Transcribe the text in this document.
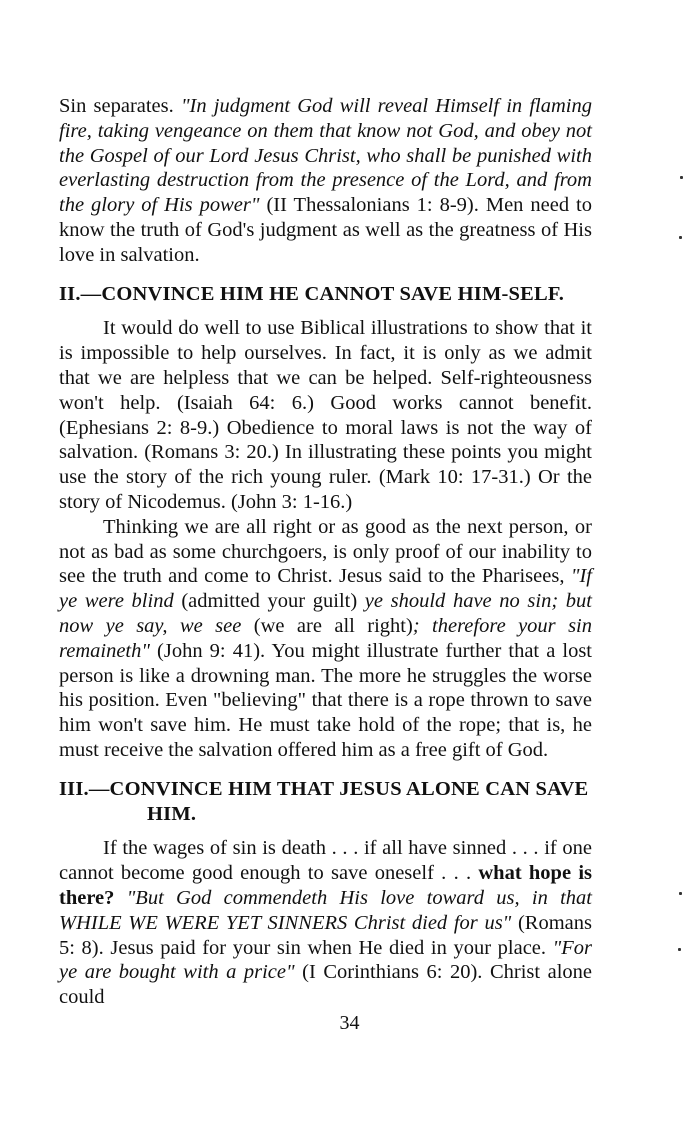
Sin separates. "In judgment God will reveal Himself in flaming fire, taking vengeance on them that know not God, and obey not the Gospel of our Lord Jesus Christ, who shall be punished with everlasting destruction from the presence of the Lord, and from the glory of His power" (II Thessalonians 1: 8-9). Men need to know the truth of God's judgment as well as the greatness of His love in salvation.

II.—CONVINCE HIM HE CANNOT SAVE HIM-SELF.

It would do well to use Biblical illustrations to show that it is impossible to help ourselves. In fact, it is only as we admit that we are helpless that we can be helped. Self-righteousness won't help. (Isaiah 64: 6.) Good works cannot benefit. (Ephesians 2: 8-9.) Obedience to moral laws is not the way of salvation. (Romans 3: 20.) In illustrating these points you might use the story of the rich young ruler. (Mark 10: 17-31.) Or the story of Nicodemus. (John 3: 1-16.)

Thinking we are all right or as good as the next person, or not as bad as some churchgoers, is only proof of our inability to see the truth and come to Christ. Jesus said to the Pharisees, "If ye were blind (admitted your guilt) ye should have no sin; but now ye say, we see (we are all right); therefore your sin remaineth" (John 9: 41). You might illustrate further that a lost person is like a drowning man. The more he struggles the worse his position. Even "believing" that there is a rope thrown to save him won't save him. He must take hold of the rope; that is, he must receive the salvation offered him as a free gift of God.

III.—CONVINCE HIM THAT JESUS ALONE CAN SAVE HIM.

If the wages of sin is death . . . if all have sinned . . . if one cannot become good enough to save oneself . . . what hope is there? "But God commendeth His love toward us, in that WHILE WE WERE YET SINNERS Christ died for us" (Romans 5: 8). Jesus paid for your sin when He died in your place. "For ye are bought with a price" (I Corinthians 6: 20). Christ alone could

34
